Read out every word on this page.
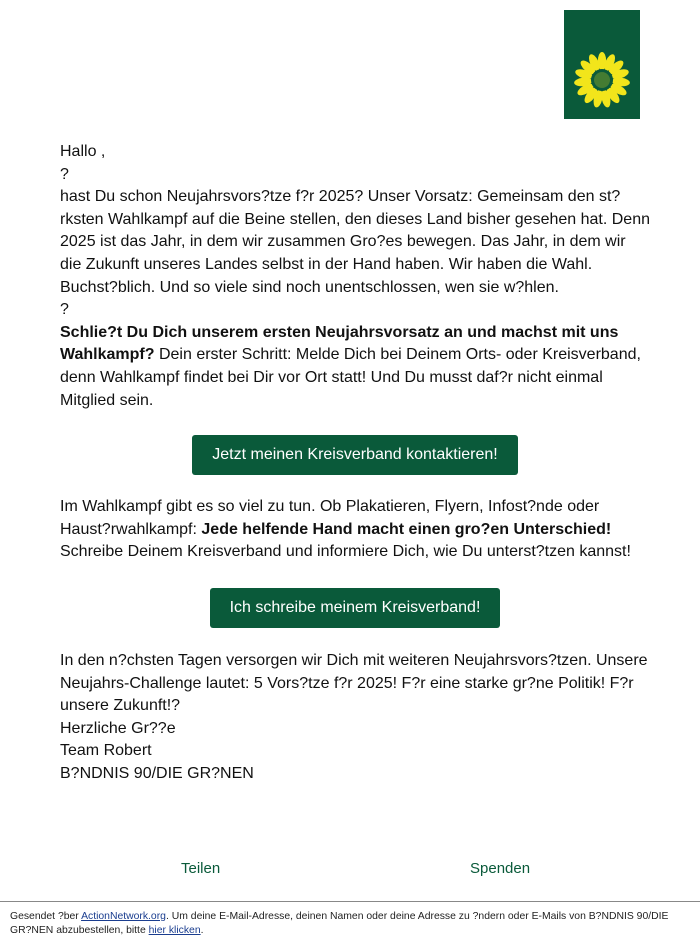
Hallo ,

?

hast Du schon Neujahrsvors?tze f?r 2025? Unser Vorsatz: Gemeinsam den st?rksten Wahlkampf auf die Beine stellen, den dieses Land bisher gesehen hat. Denn 2025 ist das Jahr, in dem wir zusammen Gro?es bewegen. Das Jahr, in dem wir die Zukunft unseres Landes selbst in der Hand haben. Wir haben die Wahl. Buchst?blich. Und so viele sind noch unentschlossen, wen sie w?hlen.

?

Schlie?t Du Dich unserem ersten Neujahrsvorsatz an und machst mit uns Wahlkampf? Dein erster Schritt: Melde Dich bei Deinem Orts- oder Kreisverband, denn Wahlkampf findet bei Dir vor Ort statt! Und Du musst daf?r nicht einmal Mitglied sein.

Jetzt meinen Kreisverband kontaktieren!

Im Wahlkampf gibt es so viel zu tun. Ob Plakatieren, Flyern, Infost?nde oder Haust?rwahlkampf: Jede helfende Hand macht einen gro?en Unterschied! Schreibe Deinem Kreisverband und informiere Dich, wie Du unterst?tzen kannst!

Ich schreibe meinem Kreisverband!

In den n?chsten Tagen versorgen wir Dich mit weiteren Neujahrsvors?tzen. Unsere Neujahrs-Challenge lautet: 5 Vors?tze f?r 2025! F?r eine starke gr?ne Politik! F?r unsere Zukunft!?

Herzliche Gr??e

Team Robert

B?NDNIS 90/DIE GR?NEN

Teilen	Spenden
Gesendet ?ber ActionNetwork.org. Um deine E-Mail-Adresse, deinen Namen oder deine Adresse zu ?ndern oder E-Mails von B?NDNIS 90/DIE GR?NEN abzubestellen, bitte hier klicken.
